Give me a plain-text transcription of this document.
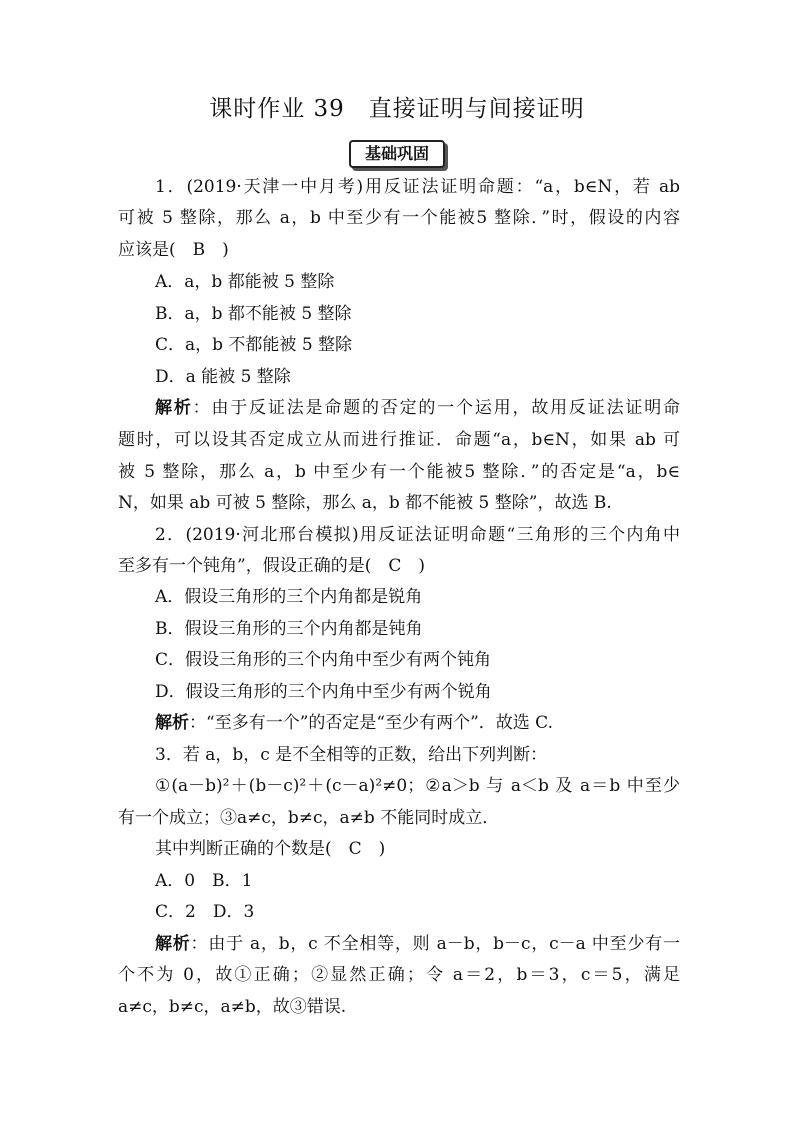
课时作业 39　直接证明与间接证明
基础巩固
1．(2019·天津一中月考)用反证法证明命题：“a，b∈N，若 ab
可被 5 整除，那么 a，b 中至少有一个能被5 整除．”时，假设的内容
应该是(　B　)
A．a，b 都能被 5 整除
B．a，b 都不能被 5 整除
C．a，b 不都能被 5 整除
D．a 能被 5 整除
解析：由于反证法是命题的否定的一个运用，故用反证法证明命
题时，可以设其否定成立从而进行推证．命题“a，b∈N，如果 ab 可
被 5 整除，那么 a，b 中至少有一个能被5 整除．”的否定是“a，b∈
N，如果 ab 可被 5 整除，那么 a，b 都不能被 5 整除”，故选 B.
2．(2019·河北邢台模拟)用反证法证明命题“三角形的三个内角中
至多有一个钝角”，假设正确的是(　C　)
A．假设三角形的三个内角都是锐角
B．假设三角形的三个内角都是钝角
C．假设三角形的三个内角中至少有两个钝角
D．假设三角形的三个内角中至少有两个锐角
解析：“至多有一个”的否定是“至少有两个”．故选 C.
3．若 a，b，c 是不全相等的正数，给出下列判断：
①(a－b)²＋(b－c)²＋(c－a)²≠0；②a＞b 与 a＜b 及 a＝b 中至少
有一个成立；③a≠c，b≠c，a≠b 不能同时成立．
其中判断正确的个数是(　C　)
A．0　B．1
C．2　D．3
解析：由于 a，b，c 不全相等，则 a－b，b－c，c－a 中至少有一
个不为 0，故①正确；②显然正确；令 a＝2，b＝3，c＝5，满足
a≠c，b≠c，a≠b，故③错误.
